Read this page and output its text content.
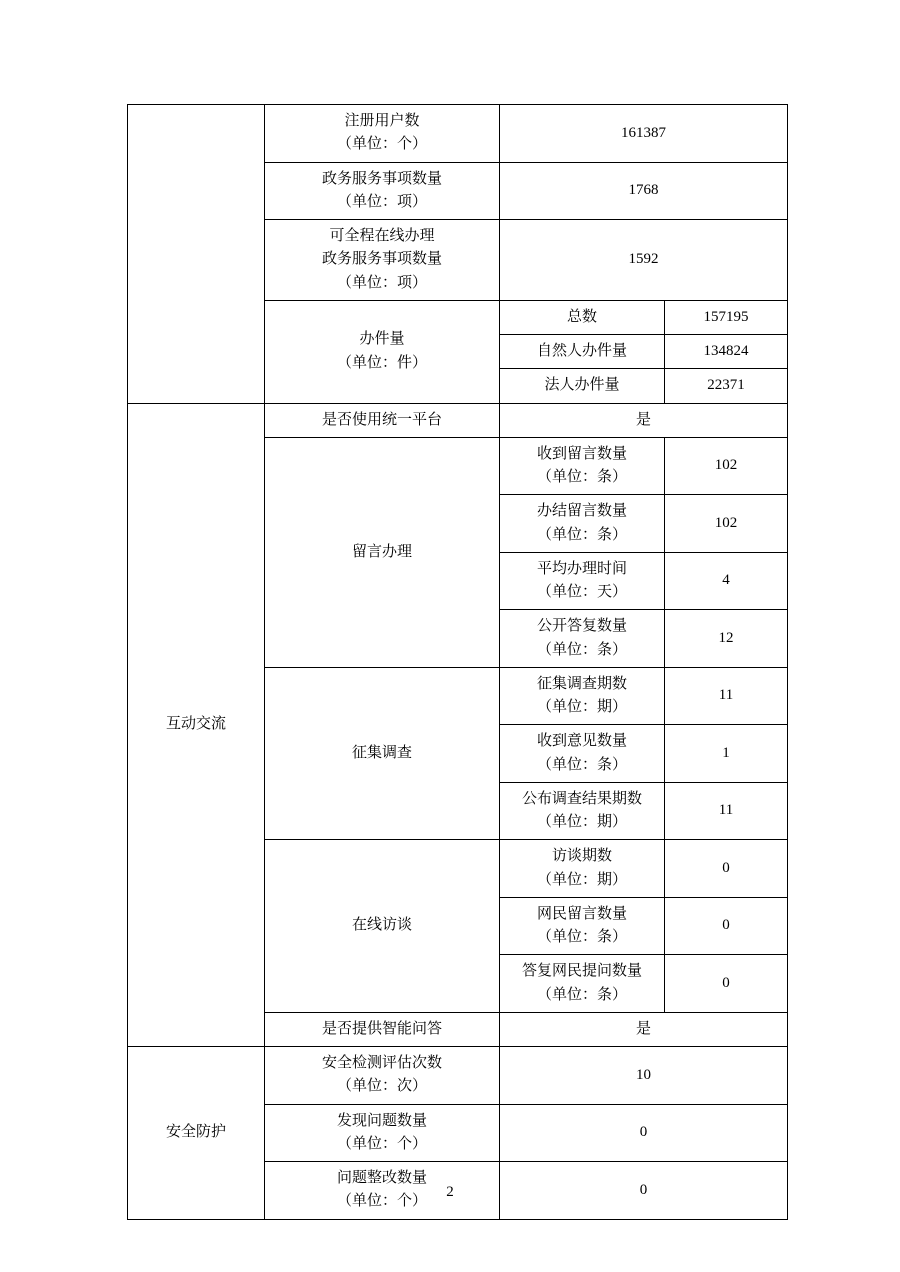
	注册用户数
（单位：个）	161387	

	政务服务事项数量
（单位：项）	1768	

	可全程在线办理
政务服务事项数量
（单位：项）	1592	

	办件量
（单位：件）	总数	157195
		自然人办件量	134824
		法人办件量	22371
互动交流	是否使用统一平台	是	
	留言办理	收到留言数量
（单位：条）	102

		办结留言数量
（单位：条）	102

		平均办理时间
（单位：天）	4

		公开答复数量
（单位：条）	12
	征集调查	征集调查期数
（单位：期）	11

		收到意见数量
（单位：条）	1

		公布调查结果期数
（单位：期）	11
	在线访谈	访谈期数
（单位：期）	0

		网民留言数量
（单位：条）	0

		答复网民提问数量
（单位：条）	0
	是否提供智能问答	是	
安全防护	安全检测评估次数
（单位：次）	10	

	发现问题数量
（单位：个）	0	

	问题整改数量
（单位：个）	0	
2
